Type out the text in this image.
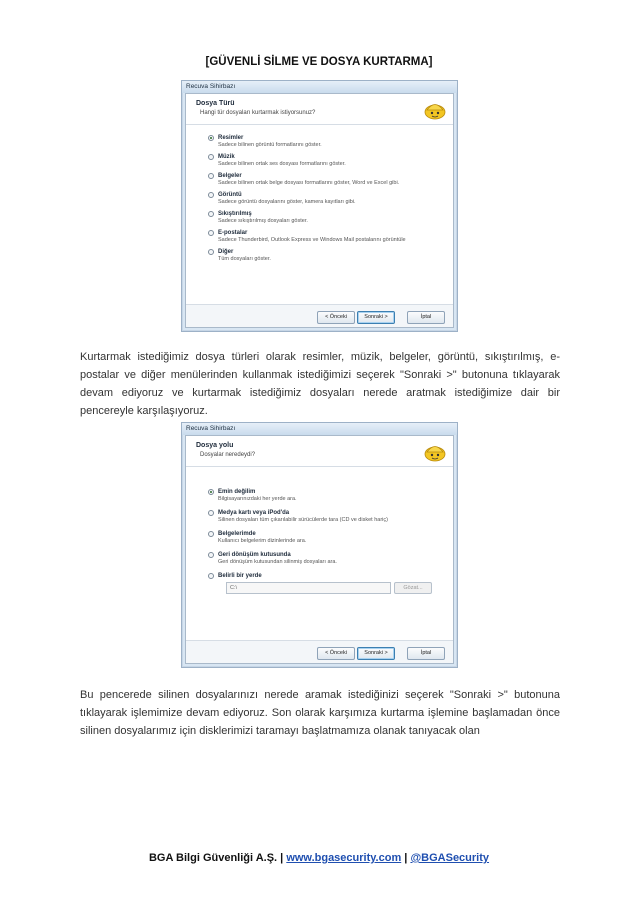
[GÜVENLİ SİLME VE DOSYA KURTARMA]
Recuva Sihirbazı
Dosya Türü
Hangi tür dosyaları kurtarmak istiyorsunuz?
Resimler
Sadece bilinen görüntü formatlarını göster.
Müzik
Sadece bilinen ortak ses dosyası formatlarını göster.
Belgeler
Sadece bilinen ortak belge dosyası formatlarını göster, Word ve Excel gibi.
Görüntü
Sadece görüntü dosyalarını göster, kamera kayıtları gibi.
Sıkıştırılmış
Sadece sıkıştırılmış dosyaları göster.
E-postalar
Sadece Thunderbird, Outlook Express ve Windows Mail postalarını görüntüle
Diğer
Tüm dosyaları göster.
< Önceki	Sonraki >	İptal
Kurtarmak istediğimiz dosya türleri olarak resimler, müzik, belgeler, görüntü, sıkıştırılmış, e-postalar ve diğer menülerinden kullanmak istediğimizi seçerek "Sonraki >" butonuna tıklayarak devam ediyoruz ve kurtarmak istediğimiz dosyaları nerede aratmak istediğimize dair bir pencereyle karşılaşıyoruz.
Recuva Sihirbazı
Dosya yolu
Dosyalar neredeydi?
Emin değilim
Bilgisayarınızdaki her yerde ara.
Medya kartı veya iPod'da
Silinen dosyaları tüm çıkarılabilir sürücülerde tara (CD ve disket hariç)
Belgelerimde
Kullanıcı belgelerim dizinlerinde ara.
Geri dönüşüm kutusunda
Geri dönüşüm kutusundan silinmiş dosyaları ara.
Belirli bir yerde
C:\	Gözat...
< Önceki	Sonraki >	İptal
Bu pencerede silinen dosyalarınızı nerede aramak istediğinizi seçerek "Sonraki >" butonuna tıklayarak işlemimize devam ediyoruz. Son olarak karşımıza kurtarma işlemine başlamadan önce silinen dosyalarımız için disklerimizi taramayı başlatmamıza olanak tanıyacak olan
BGA Bilgi Güvenliği A.Ş. | www.bgasecurity.com | @BGASecurity
